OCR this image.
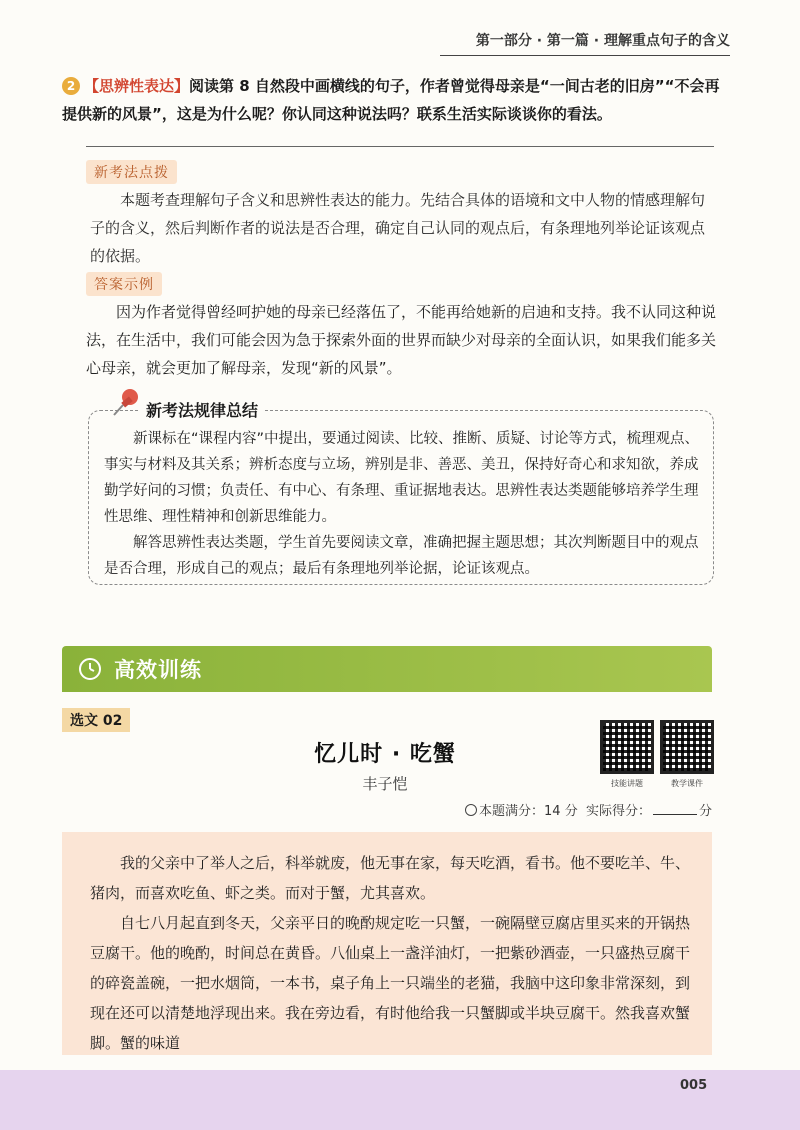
第一部分 · 第一篇 · 理解重点句子的含义
2 【思辨性表达】阅读第 8 自然段中画横线的句子，作者曾觉得母亲是“一间古老的旧房”“不会再提供新的风景”，这是为什么呢？你认同这种说法吗？联系生活实际谈谈你的看法。
新考法点拨
本题考查理解句子含义和思辨性表达的能力。先结合具体的语境和文中人物的情感理解句子的含义，然后判断作者的说法是否合理，确定自己认同的观点后，有条理地列举论证该观点的依据。
答案示例
因为作者觉得曾经呵护她的母亲已经落伍了，不能再给她新的启迪和支持。我不认同这种说法，在生活中，我们可能会因为急于探索外面的世界而缺少对母亲的全面认识，如果我们能多关心母亲，就会更加了解母亲，发现“新的风景”。
新考法规律总结
新课标在“课程内容”中提出，要通过阅读、比较、推断、质疑、讨论等方式，梳理观点、事实与材料及其关系；辨析态度与立场，辨别是非、善恶、美丑，保持好奇心和求知欲，养成勤学好问的习惯；负责任、有中心、有条理、重证据地表达。思辨性表达类题能够培养学生理性思维、理性精神和创新思维能力。
解答思辨性表达类题，学生首先要阅读文章，准确把握主题思想；其次判断题目中的观点是否合理，形成自己的观点；最后有条理地列举论据，论证该观点。
高效训练
选文 02
忆儿时 · 吃蟹
丰子恺	技能讲题	教学课件
本题满分：14 分 实际得分：	分
我的父亲中了举人之后，科举就废，他无事在家，每天吃酒，看书。他不要吃羊、牛、猪肉，而喜欢吃鱼、虾之类。而对于蟹，尤其喜欢。
自七八月起直到冬天，父亲平日的晚酌规定吃一只蟹，一碗隔壁豆腐店里买来的开锅热豆腐干。他的晚酌，时间总在黄昏。八仙桌上一盏洋油灯，一把紫砂酒壶，一只盛热豆腐干的碎瓷盖碗，一把水烟筒，一本书，桌子角上一只端坐的老猫，我脑中这印象非常深刻，到现在还可以清楚地浮现出来。我在旁边看，有时他给我一只蟹脚或半块豆腐干。然我喜欢蟹脚。蟹的味道
005
